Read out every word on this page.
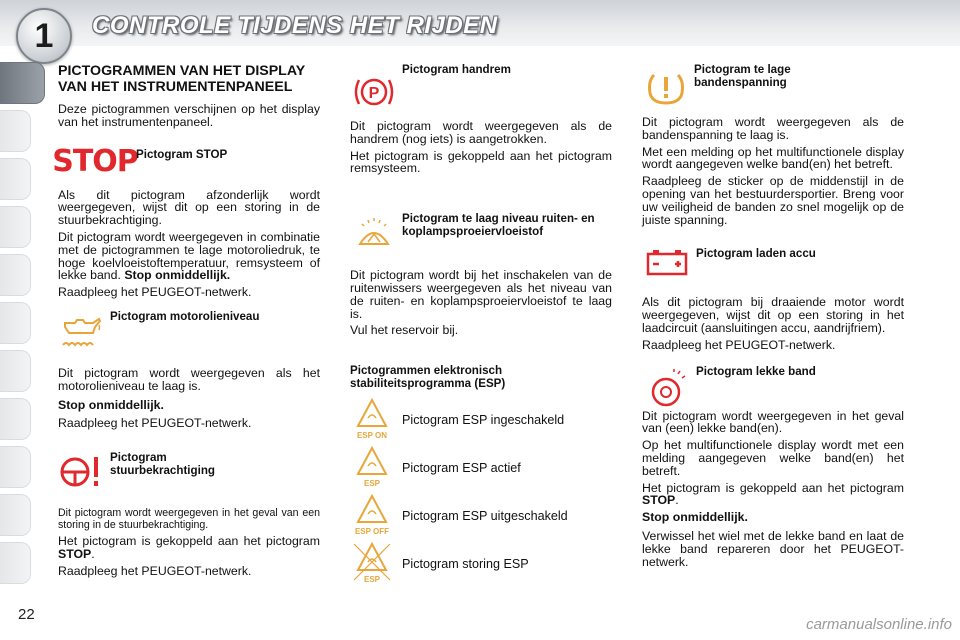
CONTROLE TIJDENS HET RIJDEN
1
22
PICTOGRAMMEN VAN HET DISPLAY VAN HET INSTRUMENTENPANEEL

Deze pictogrammen verschijnen op het display van het instrumentenpaneel.

STOP
Pictogram STOP

Als dit pictogram afzonderlijk wordt weergegeven, wijst dit op een storing in de stuurbekrachtiging.

Dit pictogram wordt weergegeven in combinatie met de pictogrammen te lage motoroliedruk, te hoge koelvloeistoftemperatuur, remsysteem of lekke band. Stop onmiddellijk.

Raadpleeg het PEUGEOT-netwerk.

Pictogram motorolieniveau

Dit pictogram wordt weergegeven als het motorolieniveau te laag is.

Stop onmiddellijk.

Raadpleeg het PEUGEOT-netwerk.

Pictogram stuurbekrachtiging

Dit pictogram wordt weergegeven in het geval van een storing in de stuurbekrachtiging.

Het pictogram is gekoppeld aan het pictogram STOP.

Raadpleeg het PEUGEOT-netwerk.

P
Pictogram handrem

Dit pictogram wordt weergegeven als de handrem (nog iets) is aangetrokken.

Het pictogram is gekoppeld aan het pictogram remsysteem.

Pictogram te laag niveau ruiten- en koplampsproeiervloeistof

Dit pictogram wordt bij het inschakelen van de ruitenwissers weergegeven als het niveau van de ruiten- en koplampsproeiervloeistof te laag is.

Vul het reservoir bij.

Pictogrammen elektronisch stabiliteitsprogramma (ESP)
ESP ON
Pictogram ESP ingeschakeld
ESP
Pictogram ESP actief
ESP OFF
Pictogram ESP uitgeschakeld
ESP
Pictogram storing ESP
Pictogram te lage bandenspanning

Dit pictogram wordt weergegeven als de bandenspanning te laag is.

Met een melding op het multifunctionele display wordt aangegeven welke band(en) het betreft.

Raadpleeg de sticker op de middenstijl in de opening van het bestuurdersportier. Breng voor uw veiligheid de banden zo snel mogelijk op de juiste spanning.

Pictogram laden accu

Als dit pictogram bij draaiende motor wordt weergegeven, wijst dit op een storing in het laadcircuit (aansluitingen accu, aandrijfriem).

Raadpleeg het PEUGEOT-netwerk.

Pictogram lekke band

Dit pictogram wordt weergegeven in het geval van (een) lekke band(en).

Op het multifunctionele display wordt met een melding aangegeven welke band(en) het betreft.

Het pictogram is gekoppeld aan het pictogram STOP.

Stop onmiddellijk.

Verwissel het wiel met de lekke band en laat de lekke band repareren door het PEUGEOT-netwerk.

carmanualsonline.info
